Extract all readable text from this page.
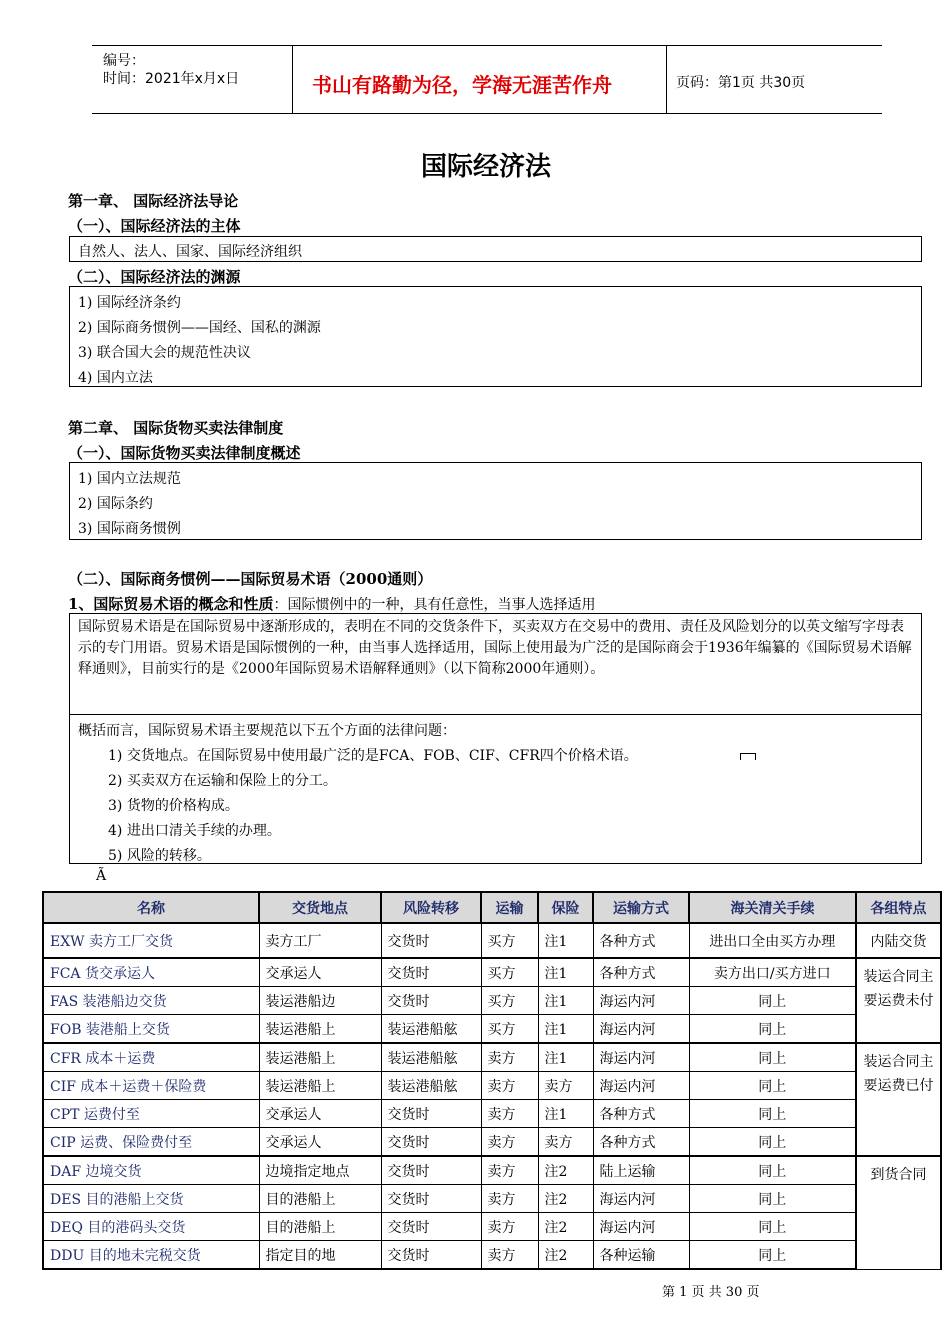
编号：
时间：2021年x月x日	书山有路勤为径，学海无涯苦作舟	页码：第1页 共30页
国际经济法
第一章、 国际经济法导论
（一）、国际经济法的主体
自然人、法人、国家、国际经济组织
（二）、国际经济法的渊源
1) 国际经济条约
2) 国际商务惯例——国经、国私的渊源
3) 联合国大会的规范性决议
4) 国内立法
第二章、 国际货物买卖法律制度
（一）、国际货物买卖法律制度概述
1) 国内立法规范
2) 国际条约
3) 国际商务惯例
（二）、国际商务惯例——国际贸易术语（2000通则）
1、国际贸易术语的概念和性质：国际惯例中的一种，具有任意性，当事人选择适用
国际贸易术语是在国际贸易中逐渐形成的，表明在不同的交货条件下，买卖双方在交易中的费用、责任及风险划分的以英文缩写字母表示的专门用语。贸易术语是国际惯例的一种，由当事人选择适用，国际上使用最为广泛的是国际商会于1936年编纂的《国际贸易术语解释通则》，目前实行的是《2000年国际贸易术语解释通则》（以下简称2000年通则）。
概括而言，国际贸易术语主要规范以下五个方面的法律问题：
1) 交货地点。在国际贸易中使用最广泛的是FCA、FOB、CIF、CFR四个价格术语。
2) 买卖双方在运输和保险上的分工。
3) 货物的价格构成。
4) 进出口清关手续的办理。
5) 风险的转移。
Ã
名称	交货地点	风险转移	运输	保险	运输方式	海关清关手续	各组特点
EXW 卖方工厂交货	卖方工厂	交货时	买方	注1	各种方式	进出口全由买方办理	内陆交货
FCA 货交承运人	交承运人	交货时	买方	注1	各种方式	卖方出口/买方进口	装运合同主要运费未付
FAS 装港船边交货	装运港船边	交货时	买方	注1	海运内河	同上	
FOB 装港船上交货	装运港船上	装运港船舷	买方	注1	海运内河	同上	
CFR 成本＋运费	装运港船上	装运港船舷	卖方	注1	海运内河	同上	装运合同主要运费已付
CIF 成本＋运费＋保险费	装运港船上	装运港船舷	卖方	卖方	海运内河	同上	
CPT 运费付至	交承运人	交货时	卖方	注1	各种方式	同上	
CIP 运费、保险费付至	交承运人	交货时	卖方	卖方	各种方式	同上	
DAF 边境交货	边境指定地点	交货时	卖方	注2	陆上运输	同上	到货合同
DES 目的港船上交货	目的港船上	交货时	卖方	注2	海运内河	同上	
DEQ 目的港码头交货	目的港船上	交货时	卖方	注2	海运内河	同上	
DDU 目的地未完税交货	指定目的地	交货时	卖方	注2	各种运输	同上	
第 1 页 共 30 页
